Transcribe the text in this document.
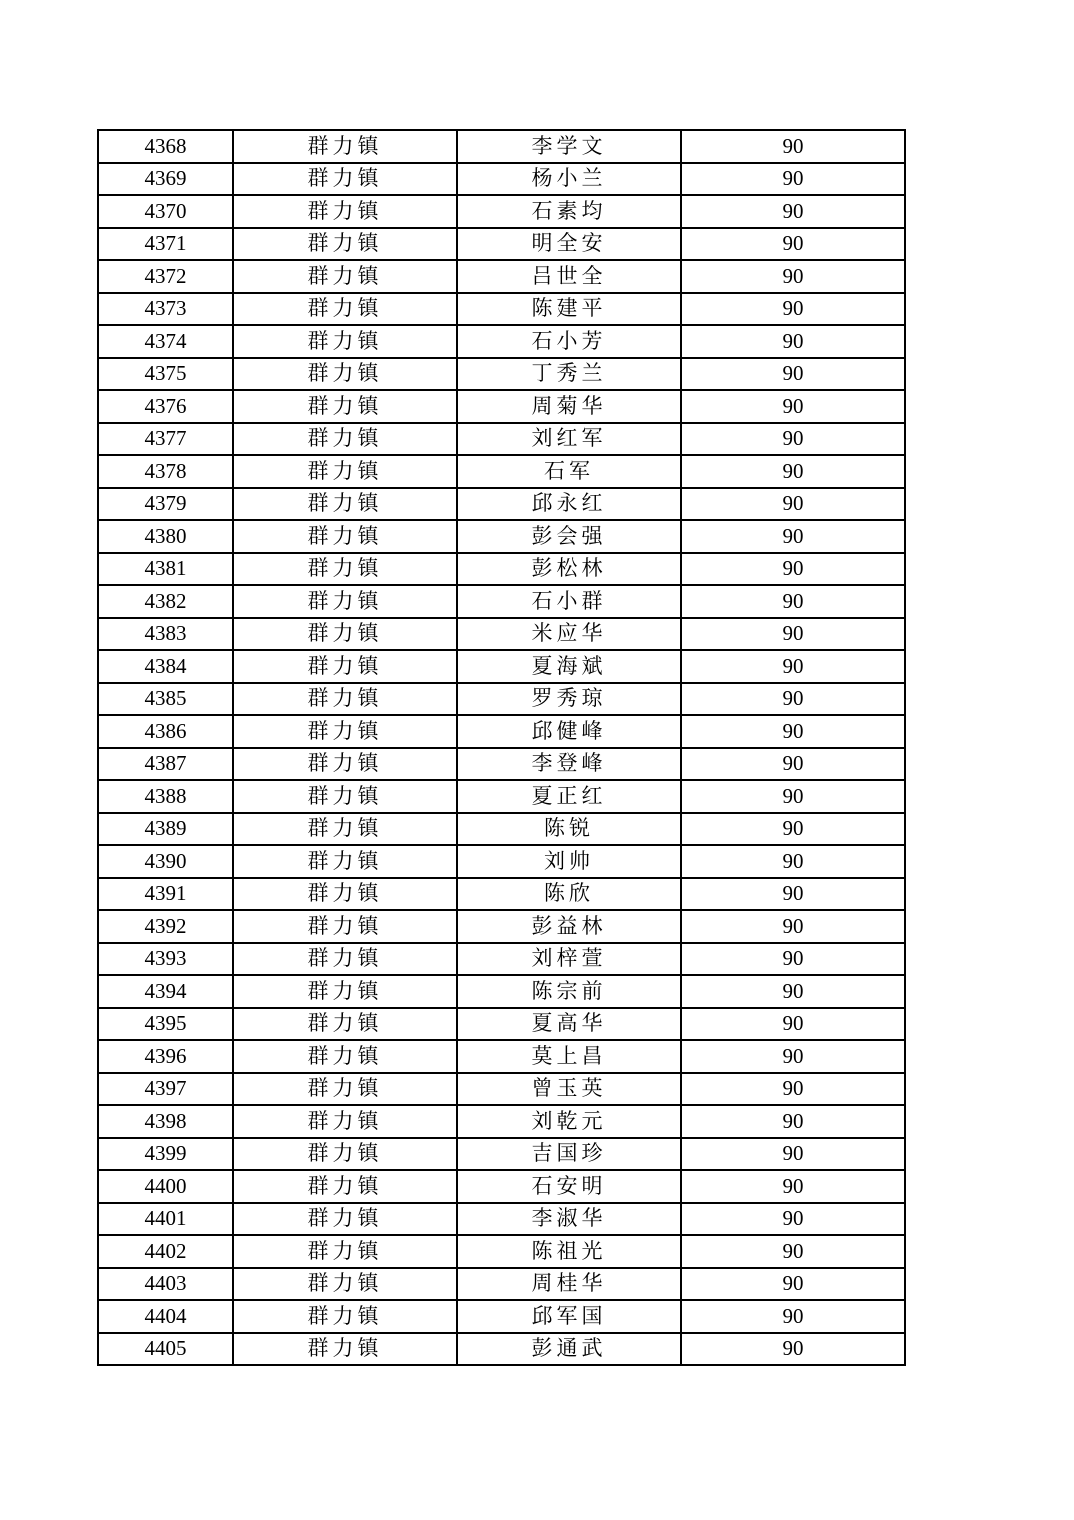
4368	群力镇	李学文	90
4369	群力镇	杨小兰	90
4370	群力镇	石素均	90
4371	群力镇	明全安	90
4372	群力镇	吕世全	90
4373	群力镇	陈建平	90
4374	群力镇	石小芳	90
4375	群力镇	丁秀兰	90
4376	群力镇	周菊华	90
4377	群力镇	刘红军	90
4378	群力镇	石军	90
4379	群力镇	邱永红	90
4380	群力镇	彭会强	90
4381	群力镇	彭松林	90
4382	群力镇	石小群	90
4383	群力镇	米应华	90
4384	群力镇	夏海斌	90
4385	群力镇	罗秀琼	90
4386	群力镇	邱健峰	90
4387	群力镇	李登峰	90
4388	群力镇	夏正红	90
4389	群力镇	陈锐	90
4390	群力镇	刘帅	90
4391	群力镇	陈欣	90
4392	群力镇	彭益林	90
4393	群力镇	刘梓萱	90
4394	群力镇	陈宗前	90
4395	群力镇	夏高华	90
4396	群力镇	莫上昌	90
4397	群力镇	曾玉英	90
4398	群力镇	刘乾元	90
4399	群力镇	吉国珍	90
4400	群力镇	石安明	90
4401	群力镇	李淑华	90
4402	群力镇	陈祖光	90
4403	群力镇	周桂华	90
4404	群力镇	邱军国	90
4405	群力镇	彭通武	90
